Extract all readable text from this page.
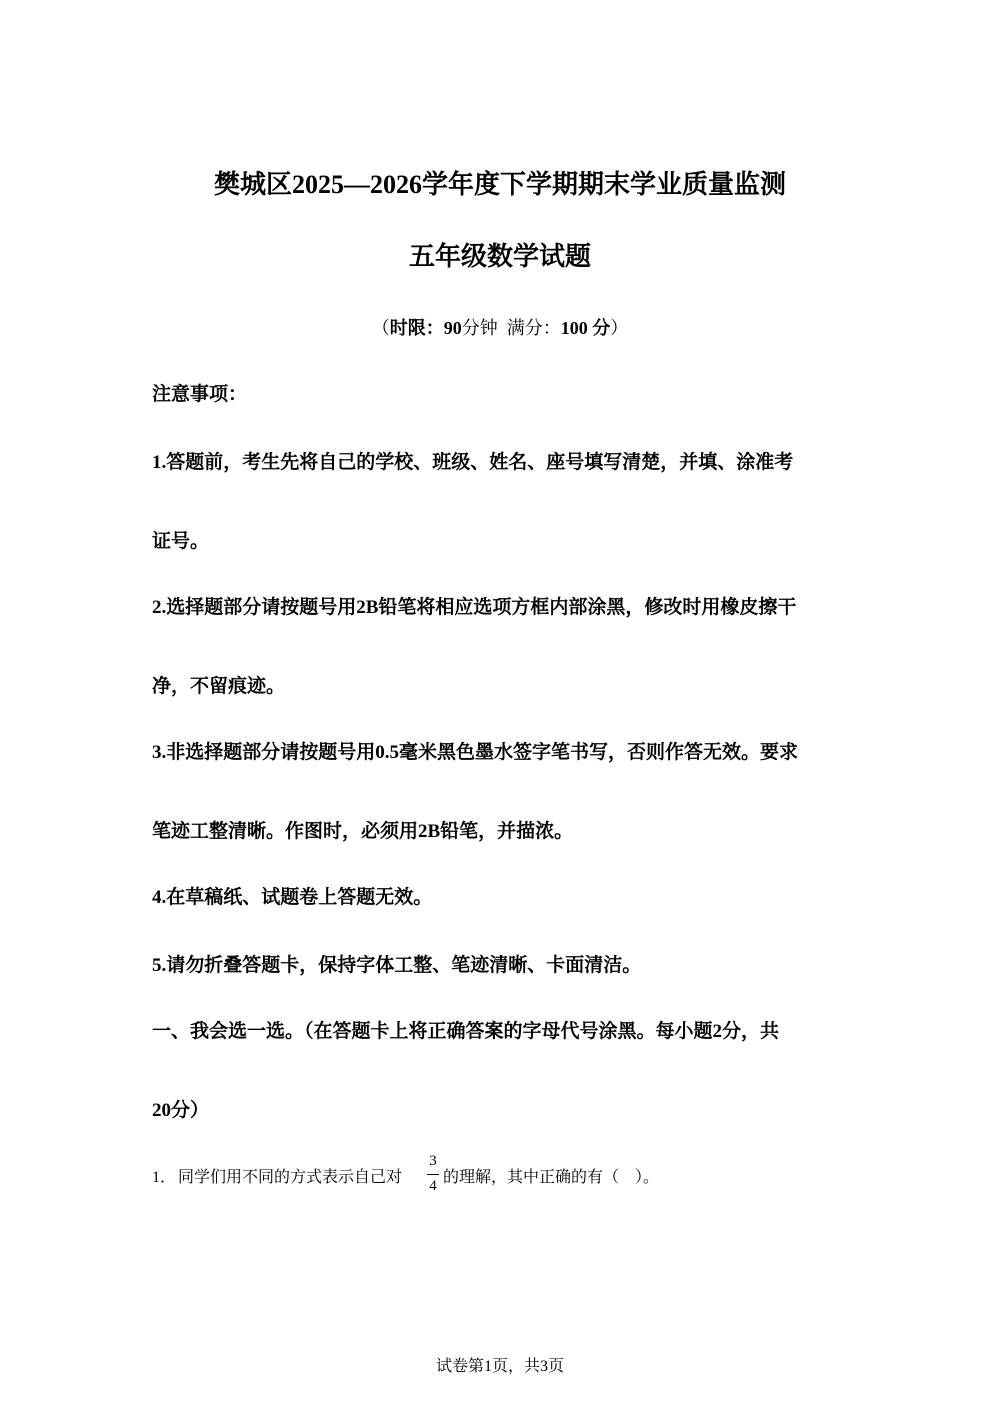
樊城区2025—2026学年度下学期期末学业质量监测
五年级数学试题
（时限：90分钟 满分：100 分）
注意事项：
1.答题前，考生先将自己的学校、班级、姓名、座号填写清楚，并填、涂准考
证号。
2.选择题部分请按题号用2B铅笔将相应选项方框内部涂黑，修改时用橡皮擦干
净，不留痕迹。
3.非选择题部分请按题号用0.5毫米黑色墨水签字笔书写，否则作答无效。要求
笔迹工整清晰。作图时，必须用2B铅笔，并描浓。
4.在草稿纸、试题卷上答题无效。
5.请勿折叠答题卡，保持字体工整、笔迹清晰、卡面清洁。
一、我会选一选。（在答题卡上将正确答案的字母代号涂黑。每小题2分，共
20分）
1． 同学们用不同的方式表示自己对
3
4 的理解，其中正确的有（　）。
试卷第1页，共3页
